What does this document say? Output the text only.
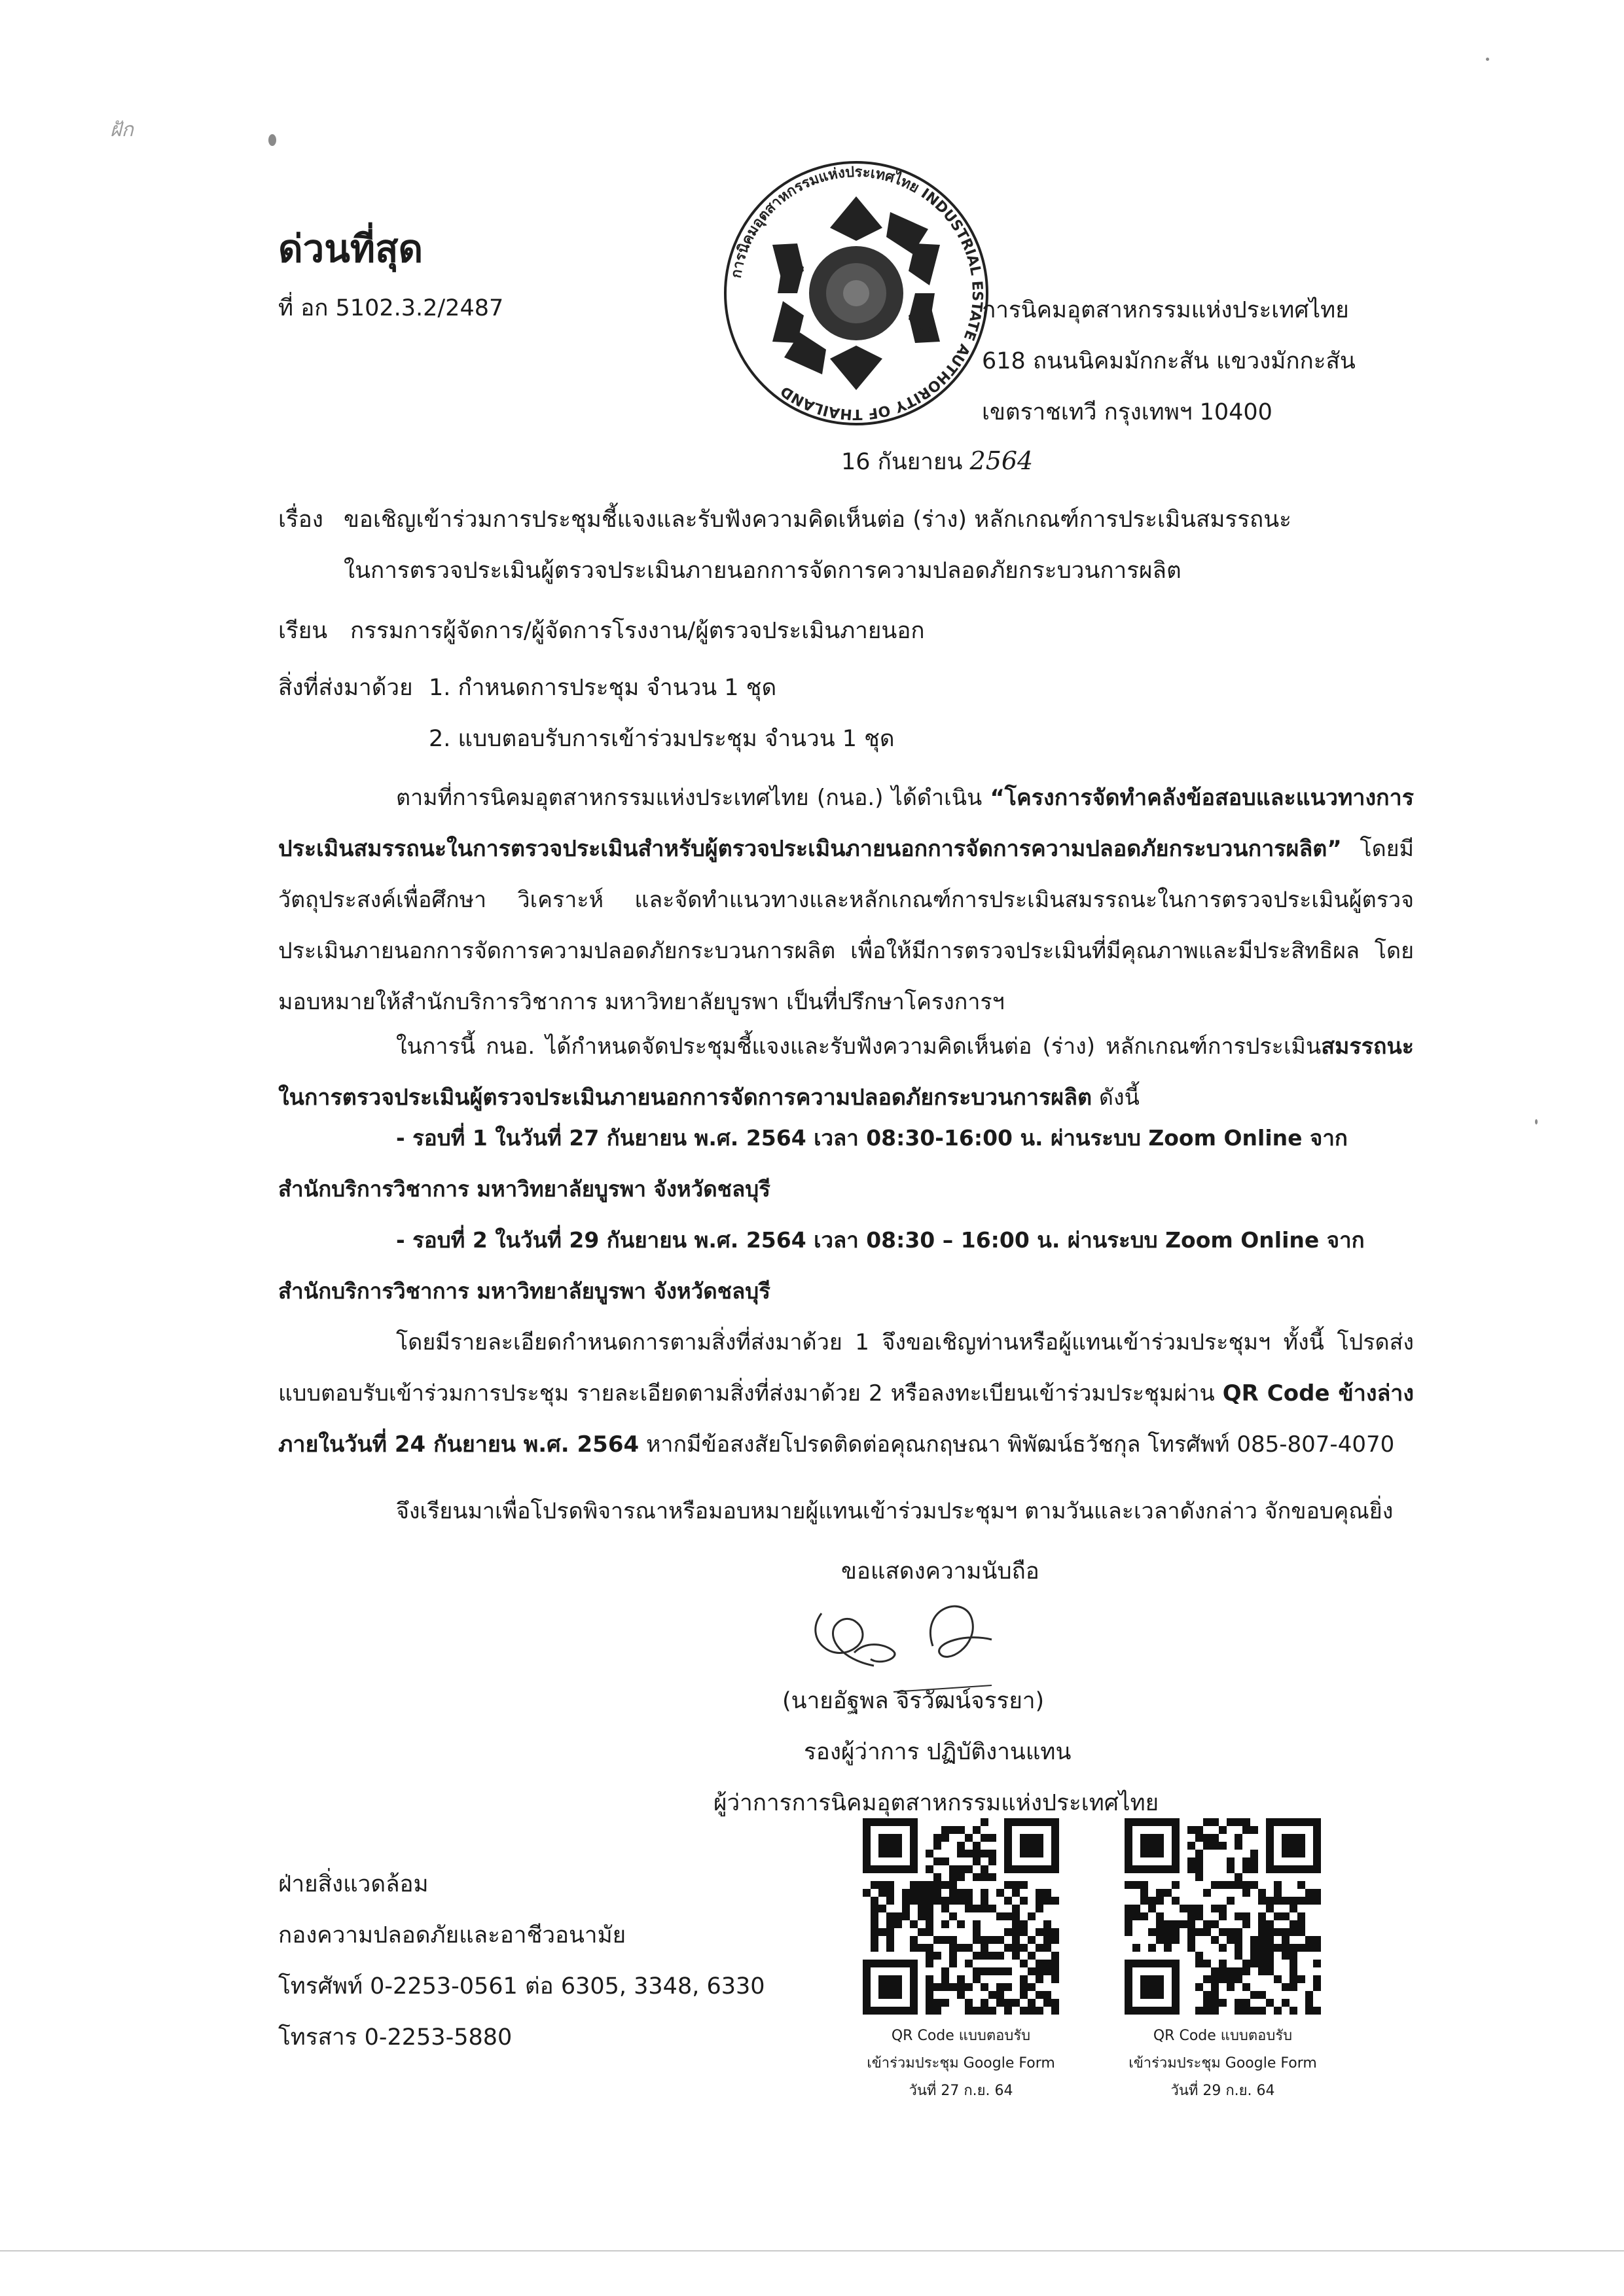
ฝัก
ด่วนที่สุด
ที่ อก 5102.3.2/2487
การนิคมอุตสาหกรรมแห่งประเทศไทย INDUSTRIAL ESTATE AUTHORITY OF THAILAND
การนิคมอุตสาหกรรมแห่งประเทศไทย
618 ถนนนิคมมักกะสัน แขวงมักกะสัน
เขตราชเทวี กรุงเทพฯ 10400
16 กันยายน 2564
เรื่อง ขอเชิญเข้าร่วมการประชุมชี้แจงและรับฟังความคิดเห็นต่อ (ร่าง) หลักเกณฑ์การประเมินสมรรถนะ
ในการตรวจประเมินผู้ตรวจประเมินภายนอกการจัดการความปลอดภัยกระบวนการผลิต
เรียน กรรมการผู้จัดการ/ผู้จัดการโรงงาน/ผู้ตรวจประเมินภายนอก
สิ่งที่ส่งมาด้วย 1. กำหนดการประชุม จำนวน 1 ชุด
2. แบบตอบรับการเข้าร่วมประชุม จำนวน 1 ชุด
ตามที่การนิคมอุตสาหกรรมแห่งประเทศไทย (กนอ.) ได้ดำเนิน “โครงการจัดทำคลังข้อสอบและแนวทางการประเมินสมรรถนะในการตรวจประเมินสำหรับผู้ตรวจประเมินภายนอกการจัดการความปลอดภัยกระบวนการผลิต” โดยมีวัตถุประสงค์เพื่อศึกษา วิเคราะห์ และจัดทำแนวทางและหลักเกณฑ์การประเมินสมรรถนะในการตรวจประเมินผู้ตรวจประเมินภายนอกการจัดการความปลอดภัยกระบวนการผลิต เพื่อให้มีการตรวจประเมินที่มีคุณภาพและมีประสิทธิผล โดยมอบหมายให้สำนักบริการวิชาการ มหาวิทยาลัยบูรพา เป็นที่ปรึกษาโครงการฯ
ในการนี้ กนอ. ได้กำหนดจัดประชุมชี้แจงและรับฟังความคิดเห็นต่อ (ร่าง) หลักเกณฑ์การประเมินสมรรถนะในการตรวจประเมินผู้ตรวจประเมินภายนอกการจัดการความปลอดภัยกระบวนการผลิต ดังนี้
- รอบที่ 1 ในวันที่ 27 กันยายน พ.ศ. 2564 เวลา 08:30-16:00 น. ผ่านระบบ Zoom Online จาก
สำนักบริการวิชาการ มหาวิทยาลัยบูรพา จังหวัดชลบุรี
- รอบที่ 2 ในวันที่ 29 กันยายน พ.ศ. 2564 เวลา 08:30 – 16:00 น. ผ่านระบบ Zoom Online จาก
สำนักบริการวิชาการ มหาวิทยาลัยบูรพา จังหวัดชลบุรี
โดยมีรายละเอียดกำหนดการตามสิ่งที่ส่งมาด้วย 1 จึงขอเชิญท่านหรือผู้แทนเข้าร่วมประชุมฯ ทั้งนี้ โปรดส่งแบบตอบรับเข้าร่วมการประชุม รายละเอียดตามสิ่งที่ส่งมาด้วย 2 หรือลงทะเบียนเข้าร่วมประชุมผ่าน QR Code ข้างล่าง ภายในวันที่ 24 กันยายน พ.ศ. 2564 หากมีข้อสงสัยโปรดติดต่อคุณกฤษณา พิพัฒน์ธวัชกุล โทรศัพท์ 085-807-4070
จึงเรียนมาเพื่อโปรดพิจารณาหรือมอบหมายผู้แทนเข้าร่วมประชุมฯ ตามวันและเวลาดังกล่าว จักขอบคุณยิ่ง
ขอแสดงความนับถือ
(นายอัฐพล จิรวัฒน์จรรยา)
รองผู้ว่าการ ปฏิบัติงานแทน
ผู้ว่าการการนิคมอุตสาหกรรมแห่งประเทศไทย
ฝ่ายสิ่งแวดล้อม
กองความปลอดภัยและอาชีวอนามัย
โทรศัพท์ 0-2253-0561 ต่อ 6305, 3348, 6330
โทรสาร 0-2253-5880	QR Code แบบตอบรับ
เข้าร่วมประชุม Google Form
วันที่ 27 ก.ย. 64
QR Code แบบตอบรับ
เข้าร่วมประชุม Google Form
วันที่ 29 ก.ย. 64
